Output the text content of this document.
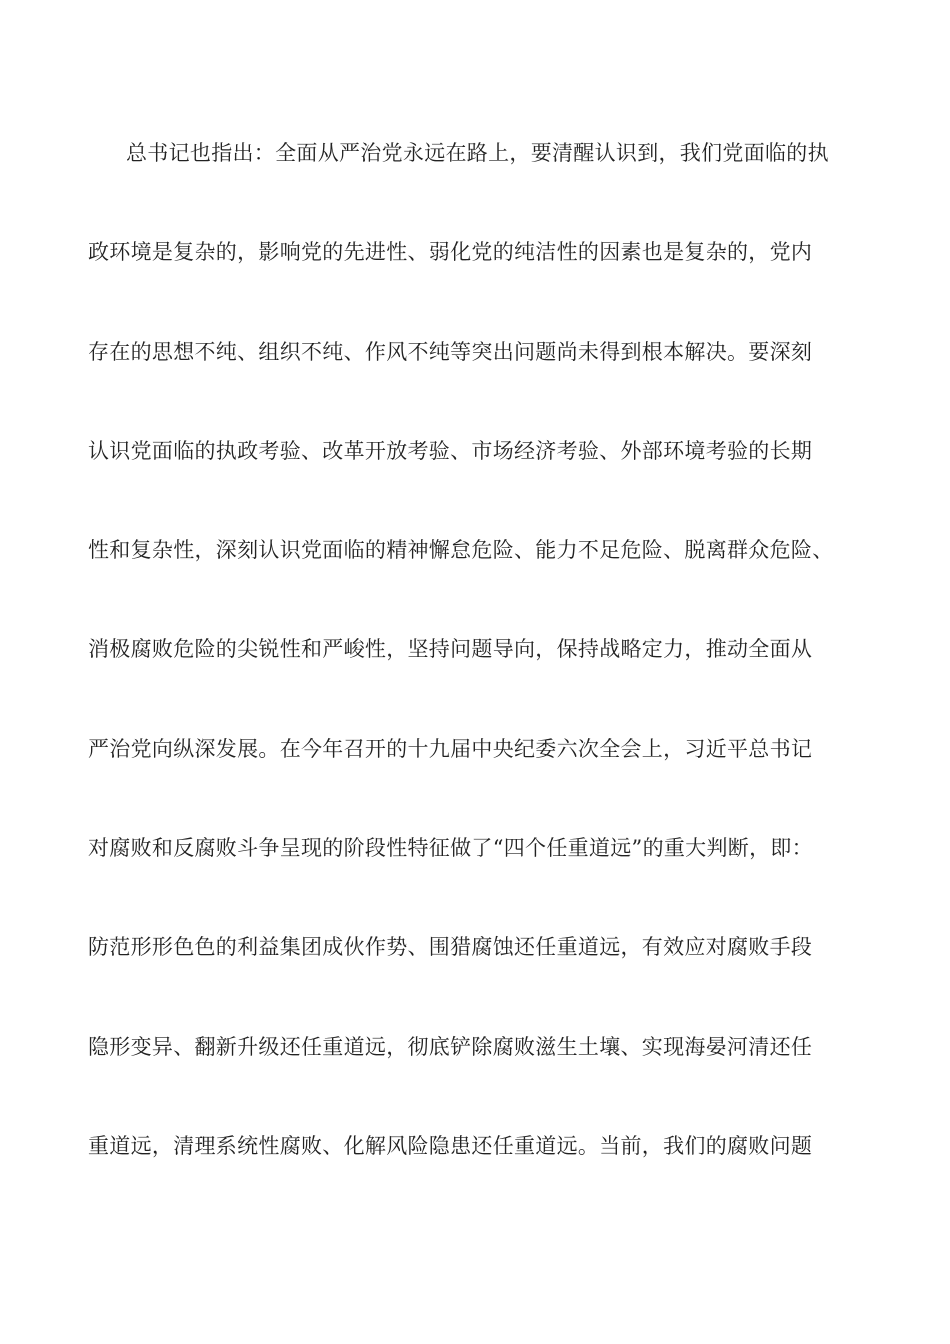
总书记也指出：全面从严治党永远在路上，要清醒认识到，我们党面临的执
政环境是复杂的，影响党的先进性、弱化党的纯洁性的因素也是复杂的，党内
存在的思想不纯、组织不纯、作风不纯等突出问题尚未得到根本解决。要深刻
认识党面临的执政考验、改革开放考验、市场经济考验、外部环境考验的长期
性和复杂性，深刻认识党面临的精神懈怠危险、能力不足危险、脱离群众危险、
消极腐败危险的尖锐性和严峻性，坚持问题导向，保持战略定力，推动全面从
严治党向纵深发展。在今年召开的十九届中央纪委六次全会上，习近平总书记
对腐败和反腐败斗争呈现的阶段性特征做了“四个任重道远”的重大判断，即：
防范形形色色的利益集团成伙作势、围猎腐蚀还任重道远，有效应对腐败手段
隐形变异、翻新升级还任重道远，彻底铲除腐败滋生土壤、实现海晏河清还任
重道远，清理系统性腐败、化解风险隐患还任重道远。当前，我们的腐败问题
